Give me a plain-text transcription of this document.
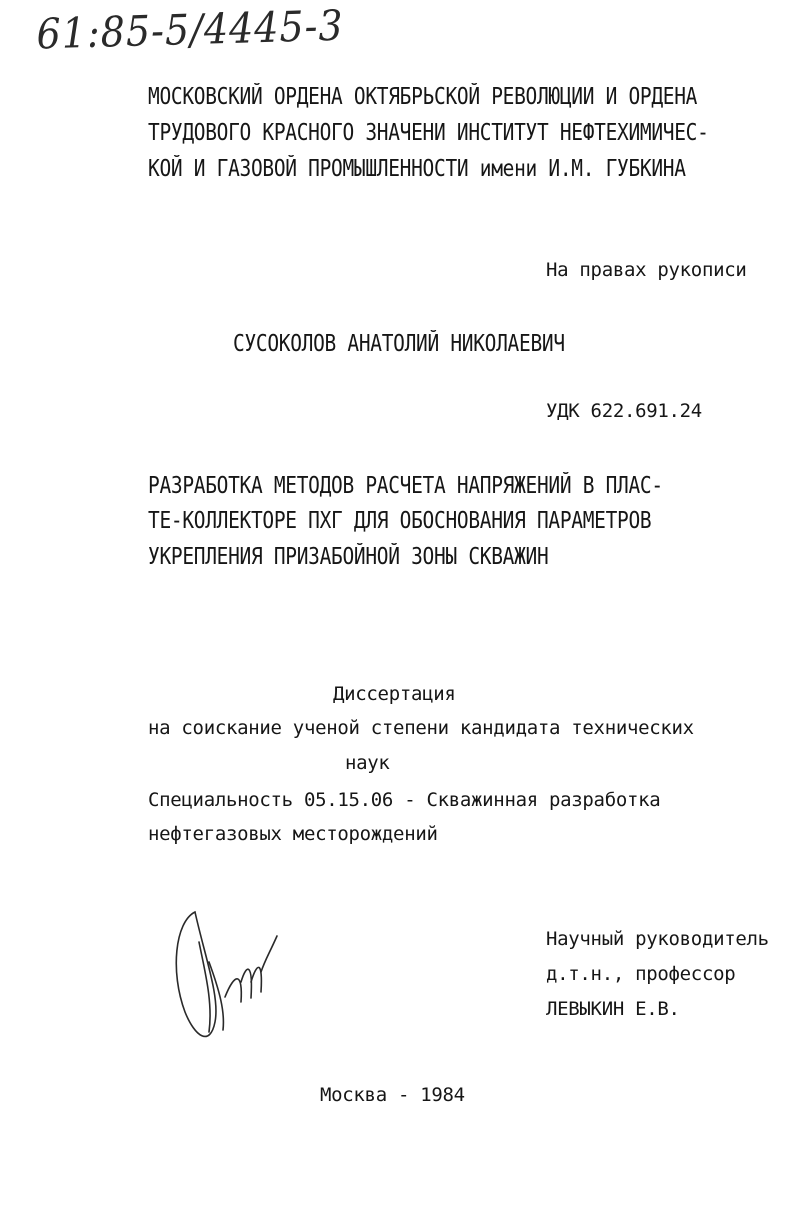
61:85-5/4445-3
МОСКОВСКИЙ ОРДЕНА ОКТЯБРЬСКОЙ РЕВОЛЮЦИИ И ОРДЕНА
ТРУДОВОГО КРАСНОГО ЗНАЧЕНИ ИНСТИТУТ НЕФТЕХИМИЧЕС-
КОЙ И ГАЗОВОЙ ПРОМЫШЛЕННОСТИ имени И.М. ГУБКИНА
На правах рукописи
СУСОКОЛОВ АНАТОЛИЙ НИКОЛАЕВИЧ
УДК 622.691.24
РАЗРАБОТКА МЕТОДОВ РАСЧЕТА НАПРЯЖЕНИЙ В ПЛАС-
ТЕ-КОЛЛЕКТОРЕ ПХГ ДЛЯ ОБОСНОВАНИЯ ПАРАМЕТРОВ
УКРЕПЛЕНИЯ ПРИЗАБОЙНОЙ ЗОНЫ СКВАЖИН
Диссертация
на соискание ученой степени кандидата технических
наук
Специальность 05.15.06 - Скважинная разработка
нефтегазовых месторождений
Научный руководитель
д.т.н., профессор
ЛЕВЫКИН Е.В.
Москва - 1984
